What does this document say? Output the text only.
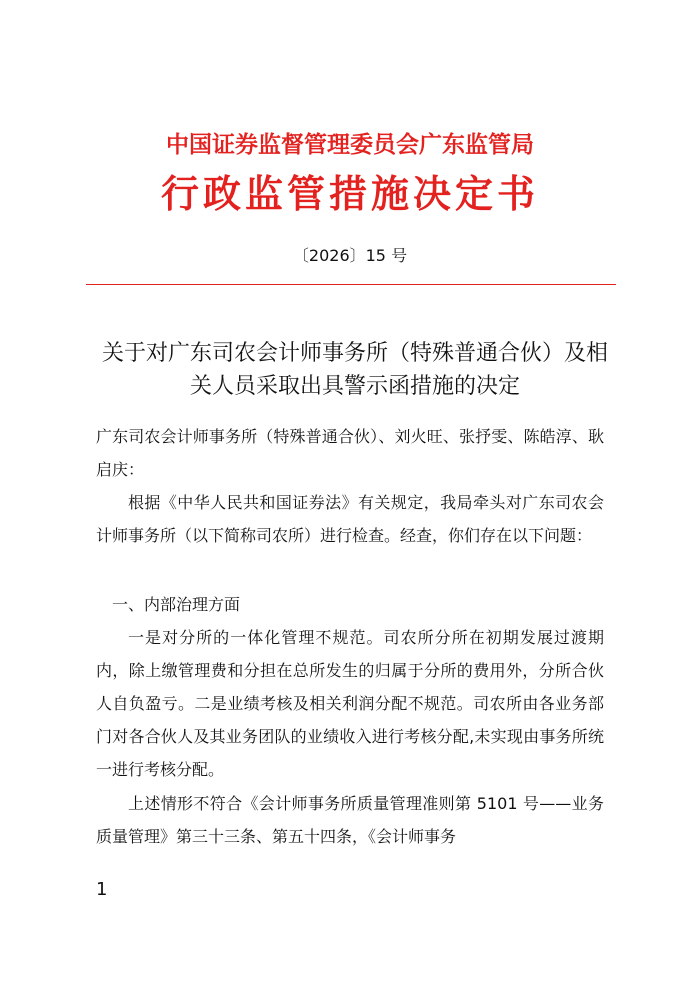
中国证券监督管理委员会广东监管局
行政监管措施决定书
〔2026〕15 号
关于对广东司农会计师事务所（特殊普通合伙）及相关人员采取出具警示函措施的决定
广东司农会计师事务所（特殊普通合伙）、刘火旺、张抒雯、陈皓淳、耿启庆：
根据《中华人民共和国证券法》有关规定，我局牵头对广东司农会计师事务所（以下简称司农所）进行检查。经查，你们存在以下问题：
一、内部治理方面
一是对分所的一体化管理不规范。司农所分所在初期发展过渡期内，除上缴管理费和分担在总所发生的归属于分所的费用外，分所合伙人自负盈亏。二是业绩考核及相关利润分配不规范。司农所由各业务部门对各合伙人及其业务团队的业绩收入进行考核分配,未实现由事务所统一进行考核分配。
上述情形不符合《会计师事务所质量管理准则第 5101 号——业务质量管理》第三十三条、第五十四条，《会计师事务
1
